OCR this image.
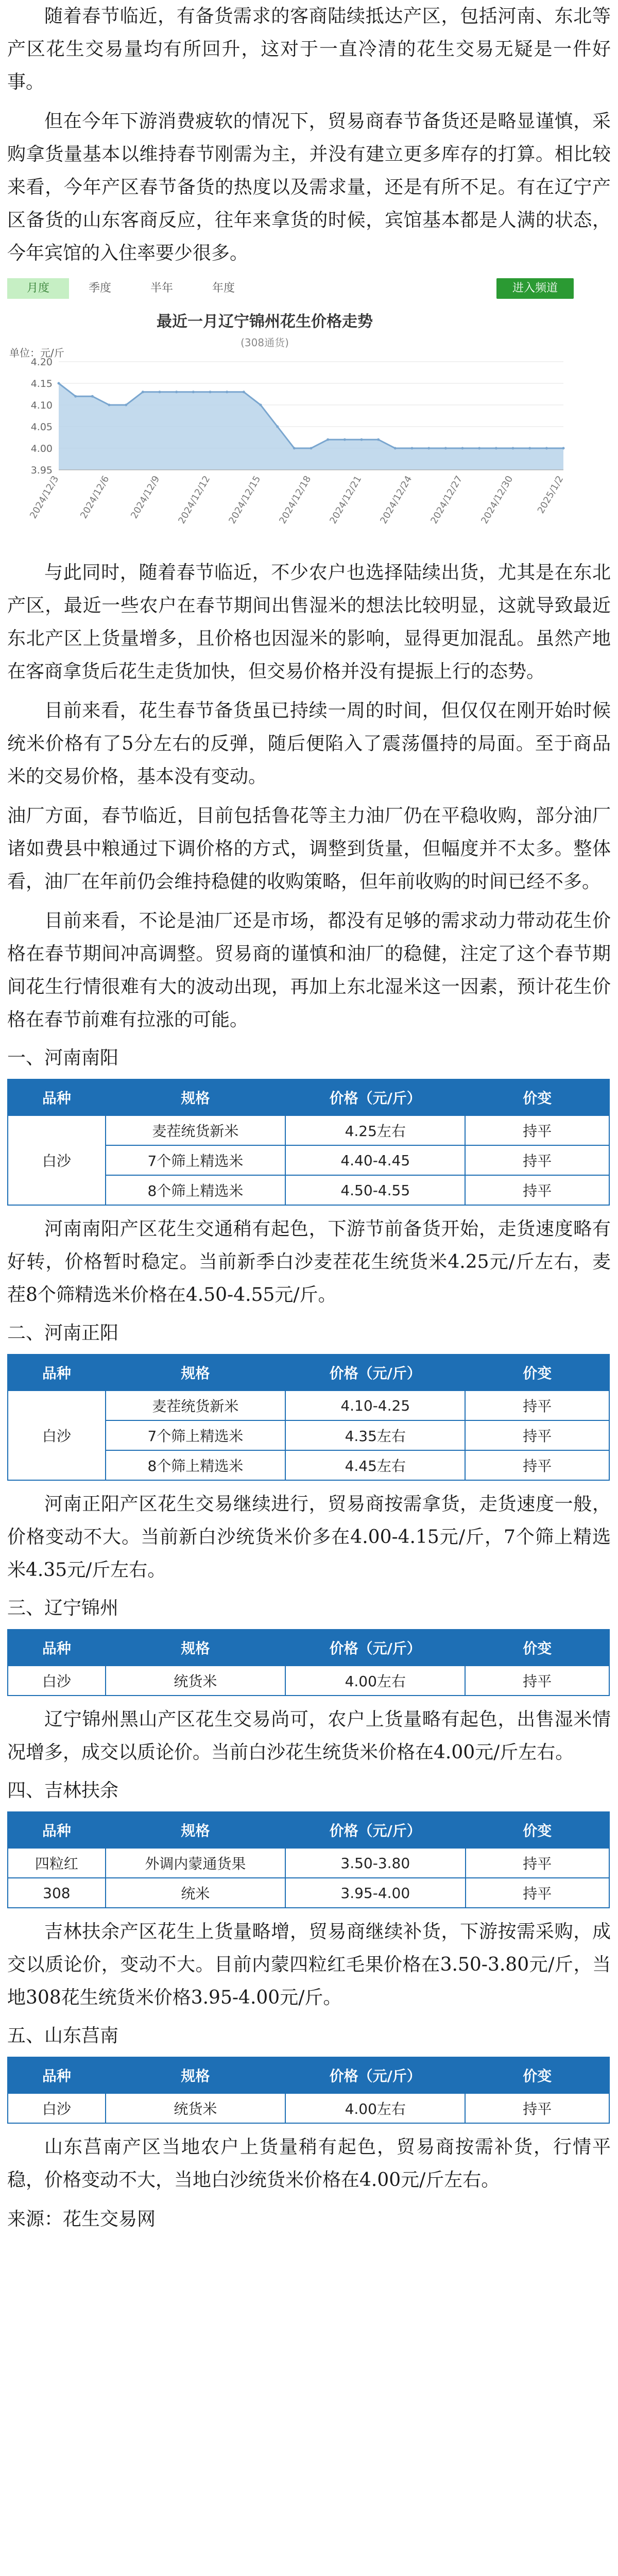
随着春节临近，有备货需求的客商陆续抵达产区，包括河南、东北等产区花生交易量均有所回升，这对于一直冷清的花生交易无疑是一件好事。

但在今年下游消费疲软的情况下，贸易商春节备货还是略显谨慎，采购拿货量基本以维持春节刚需为主，并没有建立更多库存的打算。相比较来看，今年产区春节备货的热度以及需求量，还是有所不足。有在辽宁产区备货的山东客商反应，往年来拿货的时候，宾馆基本都是人满的状态，今年宾馆的入住率要少很多。

月度	季度	半年	年度	进入频道
最近一月辽宁锦州花生价格走势
(308通货)
单位：元/斤
4.20
4.15
4.10
4.05
4.00
3.95
2024/12/3 2024/12/6 2024/12/9 2024/12/12 2024/12/15 2024/12/18 2024/12/21 2024/12/24 2024/12/27 2024/12/30 2025/1/2

与此同时，随着春节临近，不少农户也选择陆续出货，尤其是在东北产区，最近一些农户在春节期间出售湿米的想法比较明显，这就导致最近东北产区上货量增多，且价格也因湿米的影响，显得更加混乱。虽然产地在客商拿货后花生走货加快，但交易价格并没有提振上行的态势。

目前来看，花生春节备货虽已持续一周的时间，但仅仅在刚开始时候统米价格有了5分左右的反弹，随后便陷入了震荡僵持的局面。至于商品米的交易价格，基本没有变动。

油厂方面，春节临近，目前包括鲁花等主力油厂仍在平稳收购，部分油厂诸如费县中粮通过下调价格的方式，调整到货量，但幅度并不太多。整体看，油厂在年前仍会维持稳健的收购策略，但年前收购的时间已经不多。

目前来看，不论是油厂还是市场，都没有足够的需求动力带动花生价格在春节期间冲高调整。贸易商的谨慎和油厂的稳健，注定了这个春节期间花生行情很难有大的波动出现，再加上东北湿米这一因素，预计花生价格在春节前难有拉涨的可能。

一、河南南阳
品种	规格	价格（元/斤）	价变
白沙	麦茬统货新米	4.25左右	持平
	7个筛上精选米	4.40-4.45	持平
	8个筛上精选米	4.50-4.55	持平

河南南阳产区花生交通稍有起色，下游节前备货开始，走货速度略有好转，价格暂时稳定。当前新季白沙麦茬花生统货米4.25元/斤左右，麦茬8个筛精选米价格在4.50-4.55元/斤。

二、河南正阳
品种	规格	价格（元/斤）	价变
白沙	麦茬统货新米	4.10-4.25	持平
	7个筛上精选米	4.35左右	持平
	8个筛上精选米	4.45左右	持平

河南正阳产区花生交易继续进行，贸易商按需拿货，走货速度一般，价格变动不大。当前新白沙统货米价多在4.00-4.15元/斤，7个筛上精选米4.35元/斤左右。

三、辽宁锦州
品种	规格	价格（元/斤）	价变
白沙	统货米	4.00左右	持平

辽宁锦州黑山产区花生交易尚可，农户上货量略有起色，出售湿米情况增多，成交以质论价。当前白沙花生统货米价格在4.00元/斤左右。

四、吉林扶余
品种	规格	价格（元/斤）	价变
四粒红	外调内蒙通货果	3.50-3.80	持平
308	统米	3.95-4.00	持平

吉林扶余产区花生上货量略增，贸易商继续补货，下游按需采购，成交以质论价，变动不大。目前内蒙四粒红毛果价格在3.50-3.80元/斤，当地308花生统货米价格3.95-4.00元/斤。

五、山东莒南
品种	规格	价格（元/斤）	价变
白沙	统货米	4.00左右	持平

山东莒南产区当地农户上货量稍有起色，贸易商按需补货，行情平稳，价格变动不大，当地白沙统货米价格在4.00元/斤左右。

来源：花生交易网
